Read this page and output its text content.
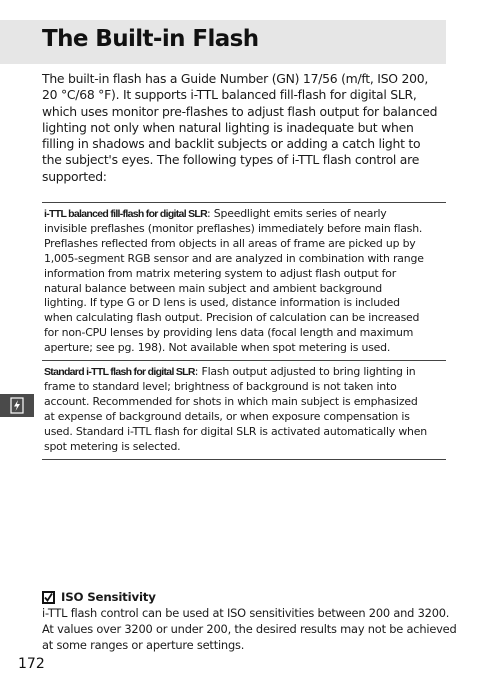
The Built-in Flash

The built-in flash has a Guide Number (GN) 17/56 (m/ft, ISO 200,
20 °C/68 °F). It supports i-TTL balanced fill-flash for digital SLR,
which uses monitor pre-flashes to adjust flash output for balanced
lighting not only when natural lighting is inadequate but when
filling in shadows and backlit subjects or adding a catch light to
the subject's eyes. The following types of i-TTL flash control are
supported:

i-TTL balanced fill-flash for digital SLR: Speedlight emits series of nearly
invisible preflashes (monitor preflashes) immediately before main flash.
Preflashes reflected from objects in all areas of frame are picked up by
1,005-segment RGB sensor and are analyzed in combination with range
information from matrix metering system to adjust flash output for
natural balance between main subject and ambient background
lighting. If type G or D lens is used, distance information is included
when calculating flash output. Precision of calculation can be increased
for non-CPU lenses by providing lens data (focal length and maximum
aperture; see pg. 198). Not available when spot metering is used.
Standard i-TTL flash for digital SLR: Flash output adjusted to bring lighting in
frame to standard level; brightness of background is not taken into
account. Recommended for shots in which main subject is emphasized
at expense of background details, or when exposure compensation is
used. Standard i-TTL flash for digital SLR is activated automatically when
spot metering is selected.
ISO Sensitivity
i-TTL flash control can be used at ISO sensitivities between 200 and 3200.
At values over 3200 or under 200, the desired results may not be achieved
at some ranges or aperture settings.
172
